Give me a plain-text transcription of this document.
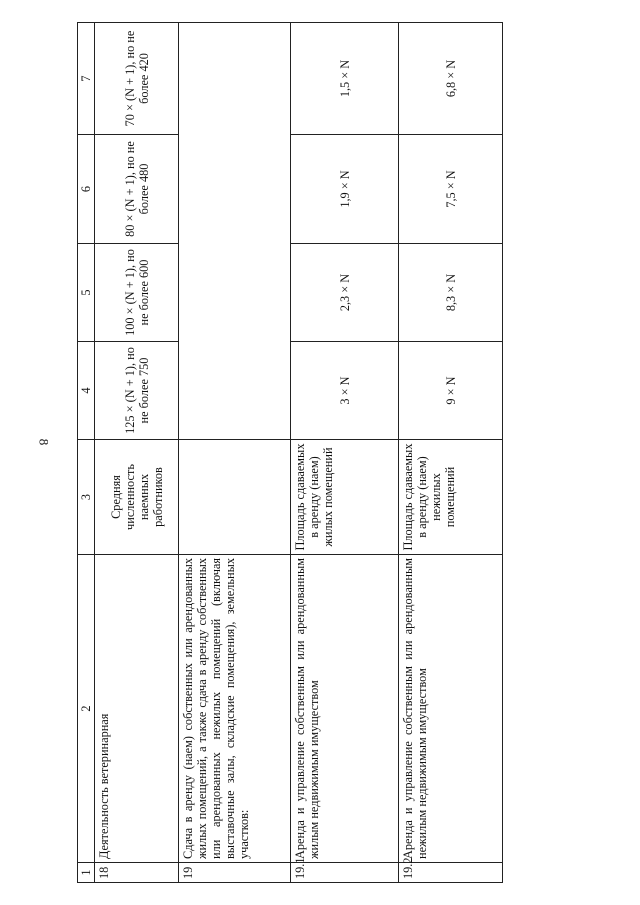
8
1	2	3	4	5	6	7
18	Деятельность ветеринарная	Средняя численность наемных работников	125 × (N + 1), но не более 750	100 × (N + 1), но не более 600	80 × (N + 1), но не более 480	70 × (N + 1), но не более 420
19	Сдача в аренду (наем) собственных или арендованных жилых помещений, а также сдача в аренду собственных или арендованных нежилых помещений (включая выставочные залы, складские помещения), земельных участков:					
19.1	Аренда и управление собственным или арендованным жилым недвижимым имуществом	Площадь сдаваемых в аренду (наем) жилых помещений	3 × N	2,3 × N	1,9 × N	1,5 × N
19.2	Аренда и управление собственным или арендованным нежилым недвижимым имуществом	Площадь сдаваемых в аренду (наем) нежилых помещений	9 × N	8,3 × N	7,5 × N	6,8 × N
